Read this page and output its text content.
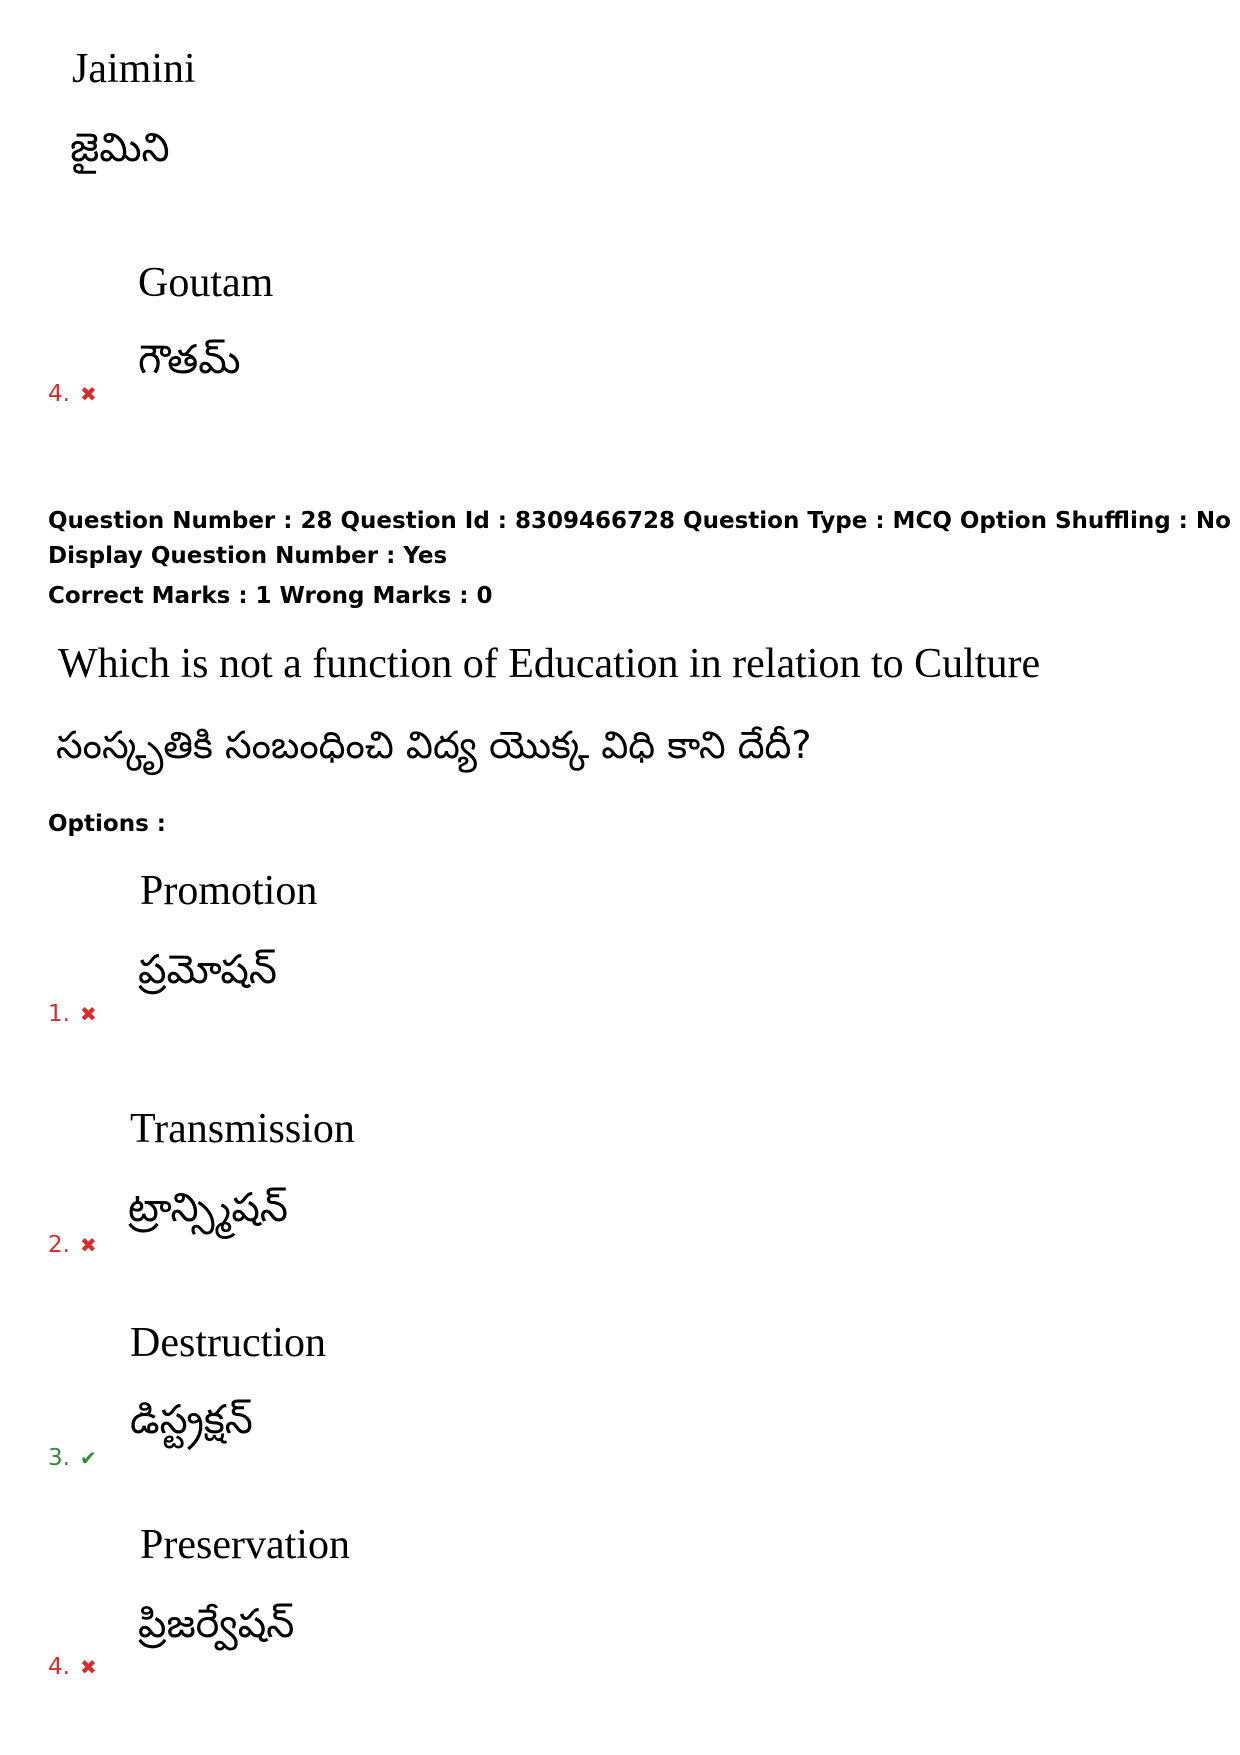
Jaimini
జైమిని
Goutam
గౌతమ్
4. ✖
Question Number : 28 Question Id : 8309466728 Question Type : MCQ Option Shuffling : No
Display Question Number : Yes
Correct Marks : 1 Wrong Marks : 0
Which is not a function of Education in relation to Culture
సంస్కృతికి సంబంధించి విద్య యొక్క విధి కాని దేదీ?
Options :
Promotion
ప్రమోషన్
1. ✖
Transmission
ట్రాన్స్మిషన్
2. ✖
Destruction
డిస్ట్రక్షన్
3. ✔
Preservation
ప్రిజర్వేషన్
4. ✖
